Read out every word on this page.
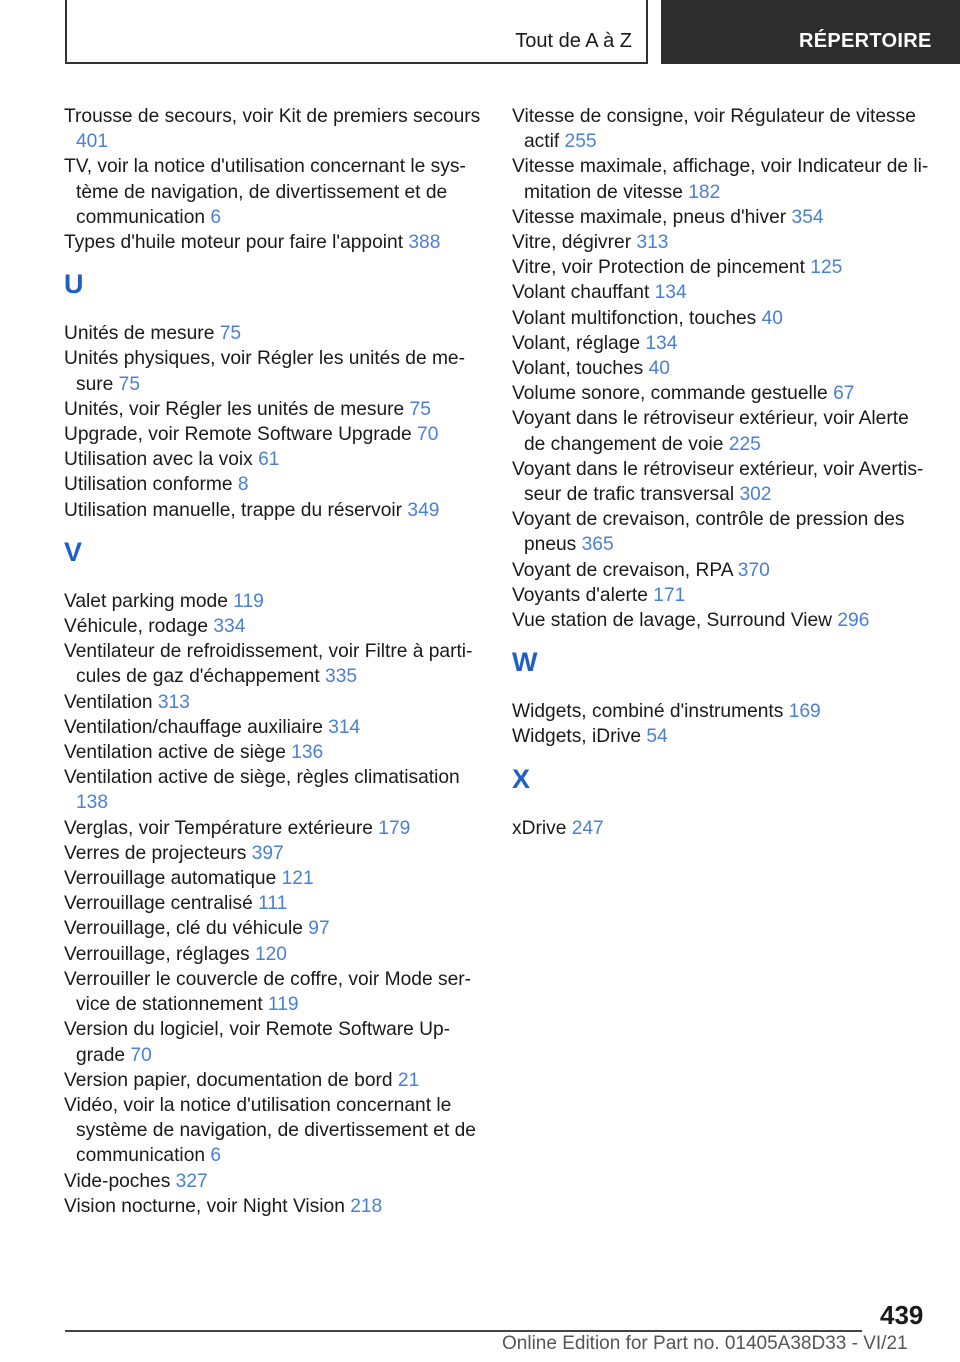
Tout de A à Z	RÉPERTOIRE
Trousse de secours, voir Kit de premiers secours 401
TV, voir la notice d'utilisation concernant le système de navigation, de divertissement et de communication 6
Types d'huile moteur pour faire l'appoint 388
U
Unités de mesure 75
Unités physiques, voir Régler les unités de mesure 75
Unités, voir Régler les unités de mesure 75
Upgrade, voir Remote Software Upgrade 70
Utilisation avec la voix 61
Utilisation conforme 8
Utilisation manuelle, trappe du réservoir 349
V
Valet parking mode 119
Véhicule, rodage 334
Ventilateur de refroidissement, voir Filtre à particules de gaz d'échappement 335
Ventilation 313
Ventilation/chauffage auxiliaire 314
Ventilation active de siège 136
Ventilation active de siège, règles climatisation 138
Verglas, voir Température extérieure 179
Verres de projecteurs 397
Verrouillage automatique 121
Verrouillage centralisé 111
Verrouillage, clé du véhicule 97
Verrouillage, réglages 120
Verrouiller le couvercle de coffre, voir Mode service de stationnement 119
Version du logiciel, voir Remote Software Upgrade 70
Version papier, documentation de bord 21
Vidéo, voir la notice d'utilisation concernant le système de navigation, de divertissement et de communication 6
Vide-poches 327
Vision nocturne, voir Night Vision 218
Vitesse de consigne, voir Régulateur de vitesse actif 255
Vitesse maximale, affichage, voir Indicateur de limitation de vitesse 182
Vitesse maximale, pneus d'hiver 354
Vitre, dégivrer 313
Vitre, voir Protection de pincement 125
Volant chauffant 134
Volant multifonction, touches 40
Volant, réglage 134
Volant, touches 40
Volume sonore, commande gestuelle 67
Voyant dans le rétroviseur extérieur, voir Alerte de changement de voie 225
Voyant dans le rétroviseur extérieur, voir Avertisseur de trafic transversal 302
Voyant de crevaison, contrôle de pression des pneus 365
Voyant de crevaison, RPA 370
Voyants d'alerte 171
Vue station de lavage, Surround View 296
W
Widgets, combiné d'instruments 169
Widgets, iDrive 54
X
xDrive 247
439
Online Edition for Part no. 01405A38D33 - VI/21
